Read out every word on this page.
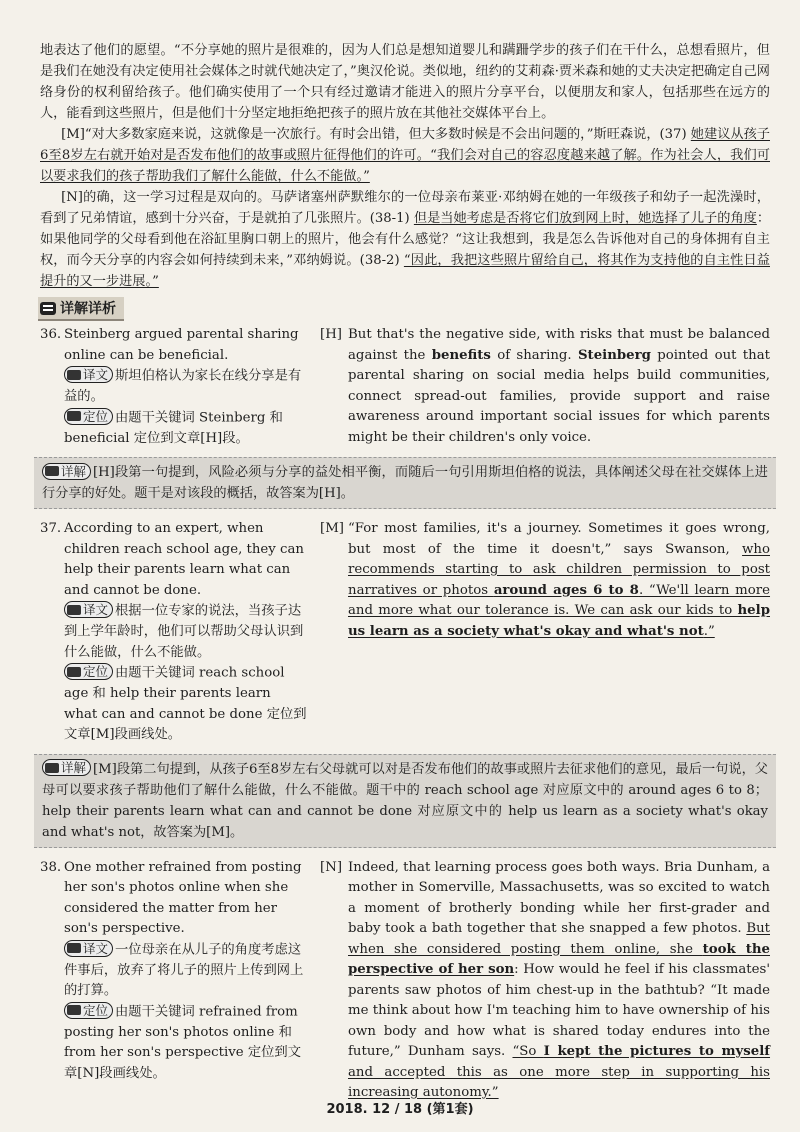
地表达了他们的愿望。“不分享她的照片是很难的，因为人们总是想知道婴儿和蹒跚学步的孩子们在干什么，总想看照片，但是我们在她没有决定使用社会媒体之时就代她决定了，”奥汉伦说。类似地，纽约的艾莉森·贾米森和她的丈夫决定把确定自己网络身份的权利留给孩子。他们确实使用了一个只有经过邀请才能进入的照片分享平台，以便朋友和家人，包括那些在远方的人，能看到这些照片，但是他们十分坚定地拒绝把孩子的照片放在其他社交媒体平台上。

[M]“对大多数家庭来说，这就像是一次旅行。有时会出错，但大多数时候是不会出问题的，”斯旺森说，(37) 她建议从孩子6至8岁左右就开始对是否发布他们的故事或照片征得他们的许可。“我们会对自己的容忍度越来越了解。作为社会人，我们可以要求我们的孩子帮助我们了解什么能做，什么不能做。”

[N]的确，这一学习过程是双向的。马萨诸塞州萨默维尔的一位母亲布莱亚·邓纳姆在她的一年级孩子和幼子一起洗澡时，看到了兄弟情谊，感到十分兴奋，于是就拍了几张照片。(38-1) 但是当她考虑是否将它们放到网上时，她选择了儿子的角度：如果他同学的父母看到他在浴缸里胸口朝上的照片，他会有什么感觉？“这让我想到，我是怎么告诉他对自己的身体拥有自主权，而今天分享的内容会如何持续到未来，”邓纳姆说。(38-2) “因此，我把这些照片留给自己，将其作为支持他的自主性日益提升的又一步进展。”

详解详析
36. Steinberg argued parental sharing online can be beneficial.
译文 斯坦伯格认为家长在线分享是有益的。
定位 由题干关键词 Steinberg 和 beneficial 定位到文章[H]段。
[H] But that's the negative side, with risks that must be balanced against the benefits of sharing. Steinberg pointed out that parental sharing on social media helps build communities, connect spread-out families, provide support and raise awareness around important social issues for which parents might be their children's only voice.
详解 [H]段第一句提到，风险必须与分享的益处相平衡，而随后一句引用斯坦伯格的说法，具体阐述父母在社交媒体上进行分享的好处。题干是对该段的概括，故答案为[H]。
37. According to an expert, when children reach school age, they can help their parents learn what can and cannot be done.
译文 根据一位专家的说法，当孩子达到上学年龄时，他们可以帮助父母认识到什么能做，什么不能做。
定位 由题干关键词 reach school age 和 help their parents learn what can and cannot be done 定位到文章[M]段画线处。
[M] “For most families, it's a journey. Sometimes it goes wrong, but most of the time it doesn't,” says Swanson, who recommends starting to ask children permission to post narratives or photos around ages 6 to 8. “We'll learn more and more what our tolerance is. We can ask our kids to help us learn as a society what's okay and what's not.”
详解 [M]段第二句提到，从孩子6至8岁左右父母就可以对是否发布他们的故事或照片去征求他们的意见，最后一句说，父母可以要求孩子帮助他们了解什么能做，什么不能做。题干中的 reach school age 对应原文中的 around ages 6 to 8；help their parents learn what can and cannot be done 对应原文中的 help us learn as a society what's okay and what's not，故答案为[M]。
38. One mother refrained from posting her son's photos online when she considered the matter from her son's perspective.
译文 一位母亲在从儿子的角度考虑这件事后，放弃了将儿子的照片上传到网上的打算。
定位 由题干关键词 refrained from posting her son's photos online 和 from her son's perspective 定位到文章[N]段画线处。
[N] Indeed, that learning process goes both ways. Bria Dunham, a mother in Somerville, Massachusetts, was so excited to watch a moment of brotherly bonding while her first-grader and baby took a bath together that she snapped a few photos. But when she considered posting them online, she took the perspective of her son: How would he feel if his classmates' parents saw photos of him chest-up in the bathtub? “It made me think about how I'm teaching him to have ownership of his own body and how what is shared today endures into the future,” Dunham says. “So I kept the pictures to myself and accepted this as one more step in supporting his increasing autonomy.”
2018. 12 / 18 (第1套)
